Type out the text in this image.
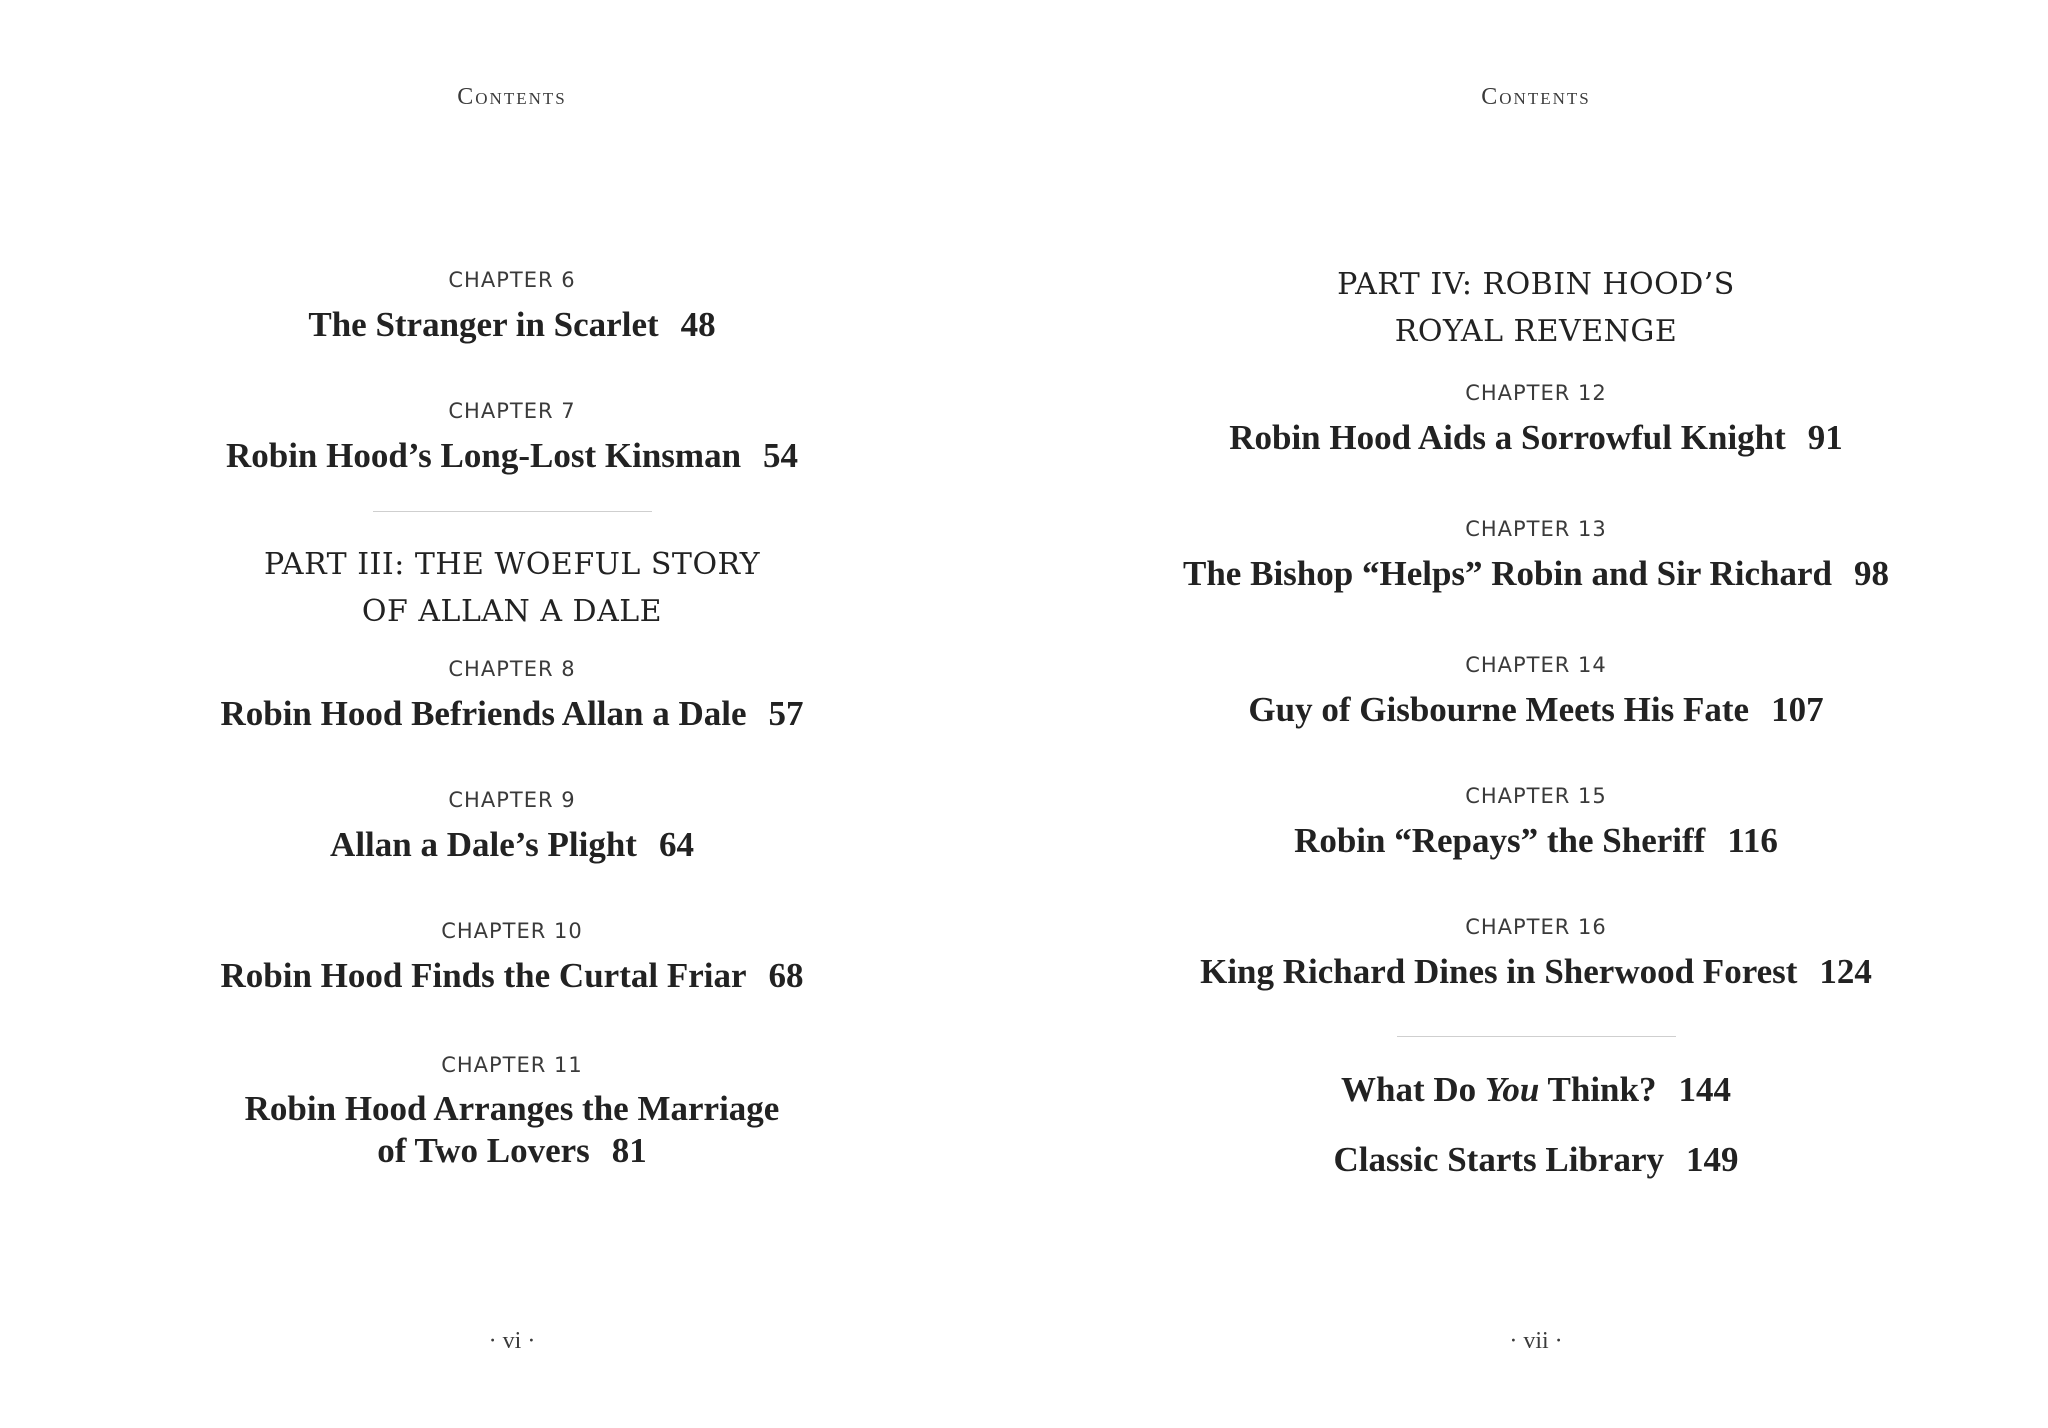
Contents
CHAPTER 6
The Stranger in Scarlet 48
CHAPTER 7
Robin Hood’s Long-Lost Kinsman 54
PART III: THE WOEFUL STORY
OF ALLAN A DALE
CHAPTER 8
Robin Hood Befriends Allan a Dale 57
CHAPTER 9
Allan a Dale’s Plight 64
CHAPTER 10
Robin Hood Finds the Curtal Friar 68
CHAPTER 11
Robin Hood Arranges the Marriage
of Two Lovers 81
· vi ·
Contents
PART IV: ROBIN HOOD’S
ROYAL REVENGE
CHAPTER 12
Robin Hood Aids a Sorrowful Knight 91
CHAPTER 13
The Bishop “Helps” Robin and Sir Richard 98
CHAPTER 14
Guy of Gisbourne Meets His Fate 107
CHAPTER 15
Robin “Repays” the Sheriff 116
CHAPTER 16
King Richard Dines in Sherwood Forest 124
What Do You Think? 144
Classic Starts Library 149
· vii ·
